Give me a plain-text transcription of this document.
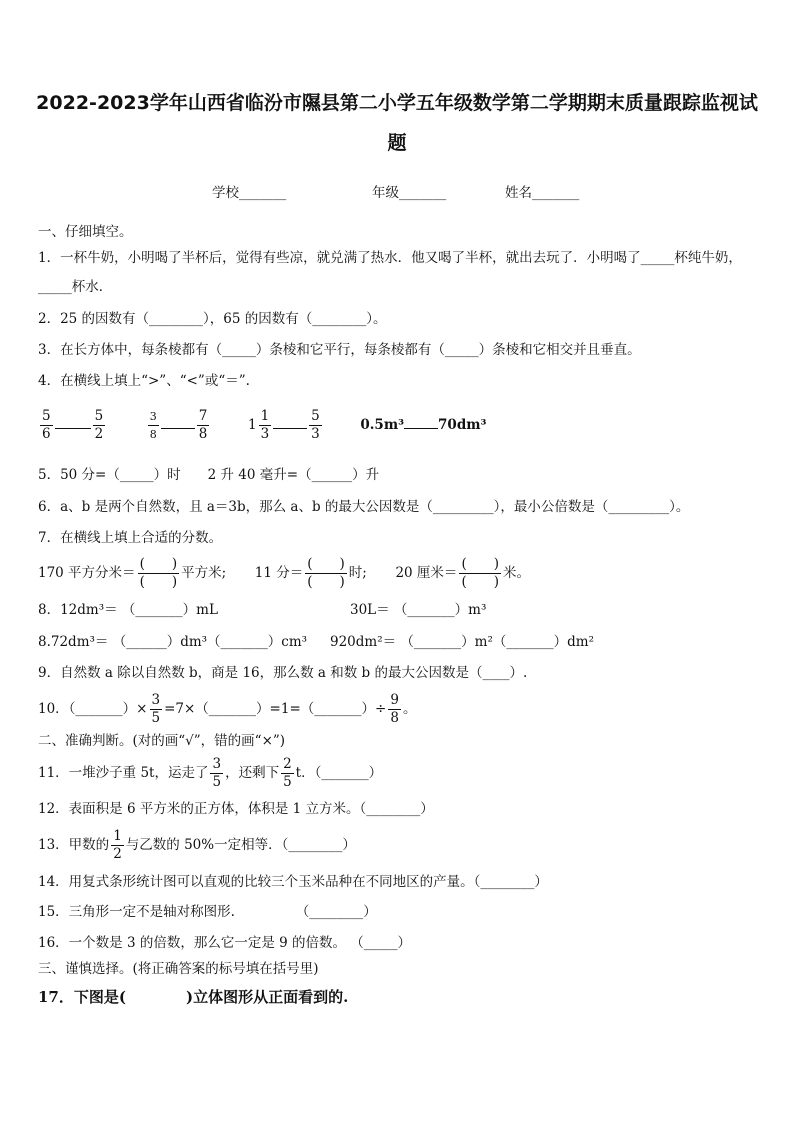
2022-2023学年山西省临汾市隰县第二小学五年级数学第二学期期末质量跟踪监视试
题
学校_______	年级_______	姓名_______
一、仔细填空。
1．一杯牛奶，小明喝了半杯后，觉得有些凉，就兑满了热水．他又喝了半杯，就出去玩了．小明喝了_____杯纯牛奶，
_____杯水．
2．25 的因数有（________），65 的因数有（________）。
3．在长方体中，每条棱都有（_____）条棱和它平行，每条棱都有（_____）条棱和它相交并且垂直。
4．在横线上填上“>”、“<”或“＝”.
$\frac{5}{6}$	$\frac{5}{2}$
	$\frac{3}{8}$	$\frac{7}{8}$	$1 \frac{1}{3}$	$\frac{5}{3}$	0.5m³	70dm³
5．50 分=（_____）时　　2 升 40 毫升=（______）升
6．a、b 是两个自然数，且 a＝3b，那么 a、b 的最大公因数是（_________），最小公倍数是（_________）。
7．在横线上填上合适的分数。
170 平方分米＝ $\frac{( )}{( )}$ 平方米; 11 分＝ $\frac{( )}{( )}$ 时; 20 厘米＝ $\frac{( )}{( )}$ 米。
8．12dm³＝ （_______）mL	30L＝ （_______）m³
8.72dm³＝ （______）dm³（_______）cm³ 920dm²＝ （_______）m²（_______）dm²
9．自然数 a 除以自然数 b，商是 16，那么数 a 和数 b 的最大公因数是（____）.
10．（_______）× $\frac{3}{5}$ =7×（_______）=1=（_______）÷ $\frac{9}{8}$ 。
二、准确判断。(对的画“√”，错的画“×”)
11．一堆沙子重 5t，运走了 $\frac{3}{5}$ ，还剩下 $\frac{2}{5}$ t．（_______）
12．表面积是 6 平方米的正方体，体积是 1 立方米。（________）
13．甲数的 $\frac{1}{2}$ 与乙数的 50%一定相等．（________）
14．用复式条形统计图可以直观的比较三个玉米品种在不同地区的产量。（________）
15．三角形一定不是轴对称图形.　　　　　（________）
16．一个数是 3 的倍数，那么它一定是 9 的倍数。 （_____）
三、谨慎选择。(将正确答案的标号填在括号里)
17．下图是(　　　　)立体图形从正面看到的.
